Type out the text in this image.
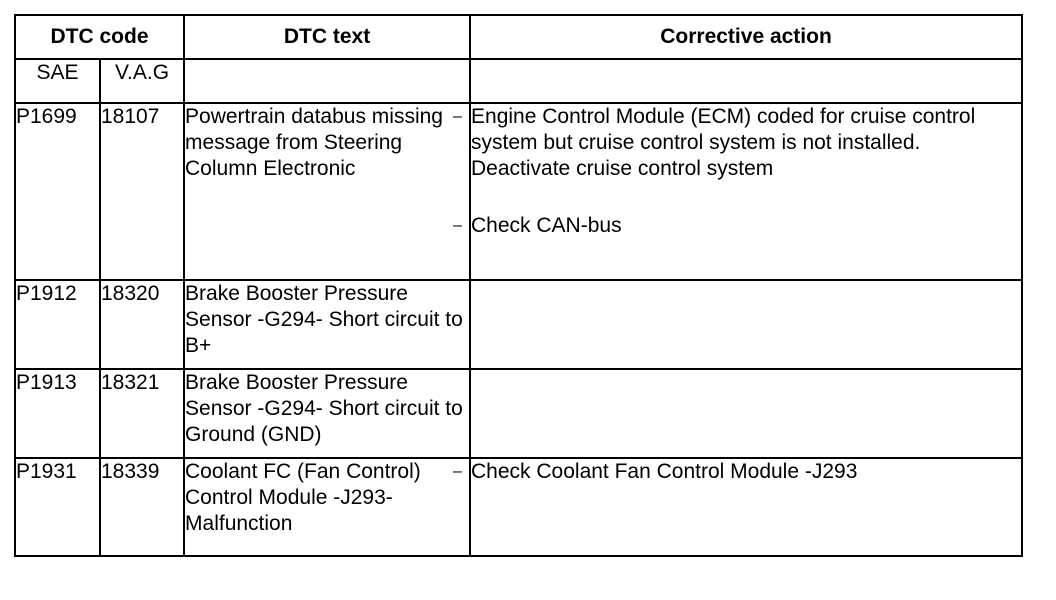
DTC code		DTC text	Corrective action
SAE	V.A.G		
P1699	18107	Powertrain databus missing message from Steering Column Electronic	– Engine Control Module (ECM) coded for cruise control system but cruise control system is not installed. Deactivate cruise control system
– Check CAN-bus

P1912	18320	Brake Booster Pressure Sensor -G294- Short circuit to B+	
P1913	18321	Brake Booster Pressure Sensor -G294- Short circuit to Ground (GND)	
P1931	18339	Coolant FC (Fan Control) Control Module -J293- Malfunction	– Check Coolant Fan Control Module -J293
